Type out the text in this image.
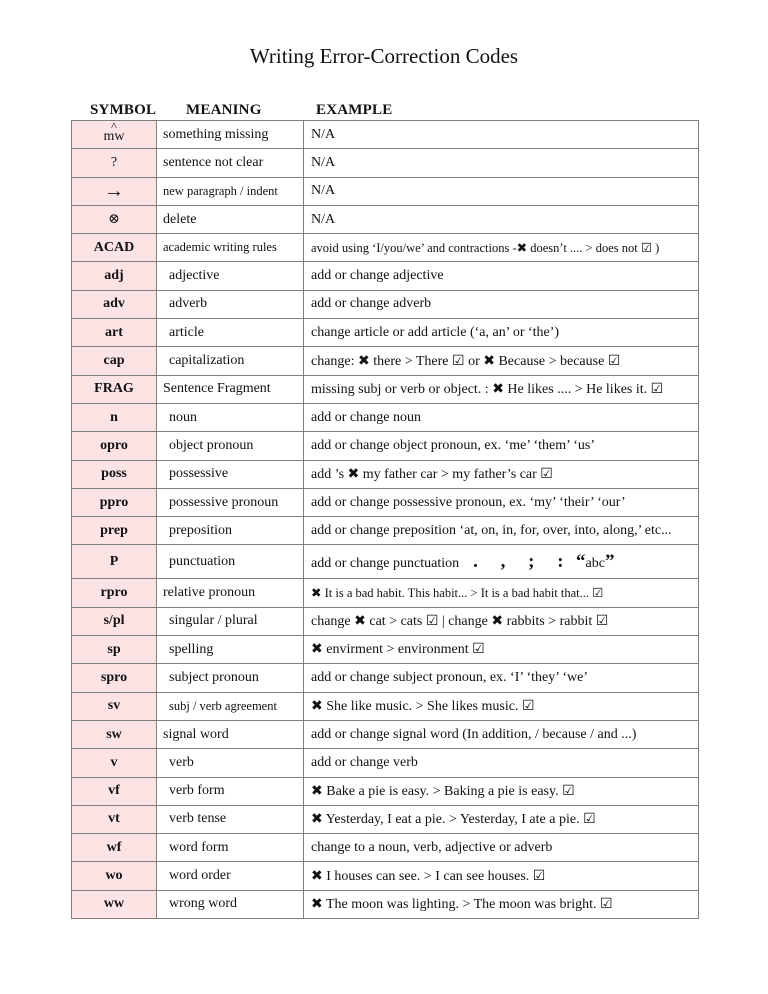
Writing Error-Correction Codes
SYMBOL MEANING	EXAMPLE
^
mw	something missing	N/A
?	sentence not clear	N/A
→	new paragraph / indent	N/A
⊗	delete	N/A
ACAD	academic writing rules	avoid using ‘I/you/we’ and contractions -✖ doesn’t .... > does not ☑ )
adj	adjective	add or change adjective
adv	adverb	add or change adverb
art	article	change article or add article (‘a, an’ or ‘the’)
cap	capitalization	change: ✖ there > There ☑ or ✖ Because > because ☑
FRAG	Sentence Fragment	missing subj or verb or object. : ✖ He likes .... > He likes it. ☑
n	noun	add or change noun
opro	object pronoun	add or change object pronoun, ex. ‘me’ ‘them’ ‘us’
poss	possessive	add ’s ✖ my father car > my father’s car ☑
ppro	possessive pronoun	add or change possessive pronoun, ex. ‘my’ ‘their’ ‘our’
prep	preposition	add or change preposition ‘at, on, in, for, over, into, along,’ etc...
P	punctuation	add or change punctuation . , ; : “abc”
rpro	relative pronoun	✖ It is a bad habit. This habit... > It is a bad habit that... ☑
s/pl	singular / plural	change ✖ cat > cats ☑ | change ✖ rabbits > rabbit ☑
sp	spelling	✖ envirment > environment ☑
spro	subject pronoun	add or change subject pronoun, ex. ‘I’ ‘they’ ‘we’
sv	subj / verb agreement	✖ She like music. > She likes music. ☑
sw	signal word	add or change signal word (In addition, / because / and ...)
v	verb	add or change verb
vf	verb form	✖ Bake a pie is easy. > Baking a pie is easy. ☑
vt	verb tense	✖ Yesterday, I eat a pie. > Yesterday, I ate a pie. ☑
wf	word form	change to a noun, verb, adjective or adverb
wo	word order	✖ I houses can see. > I can see houses. ☑
ww	wrong word	✖ The moon was lighting. > The moon was bright. ☑
